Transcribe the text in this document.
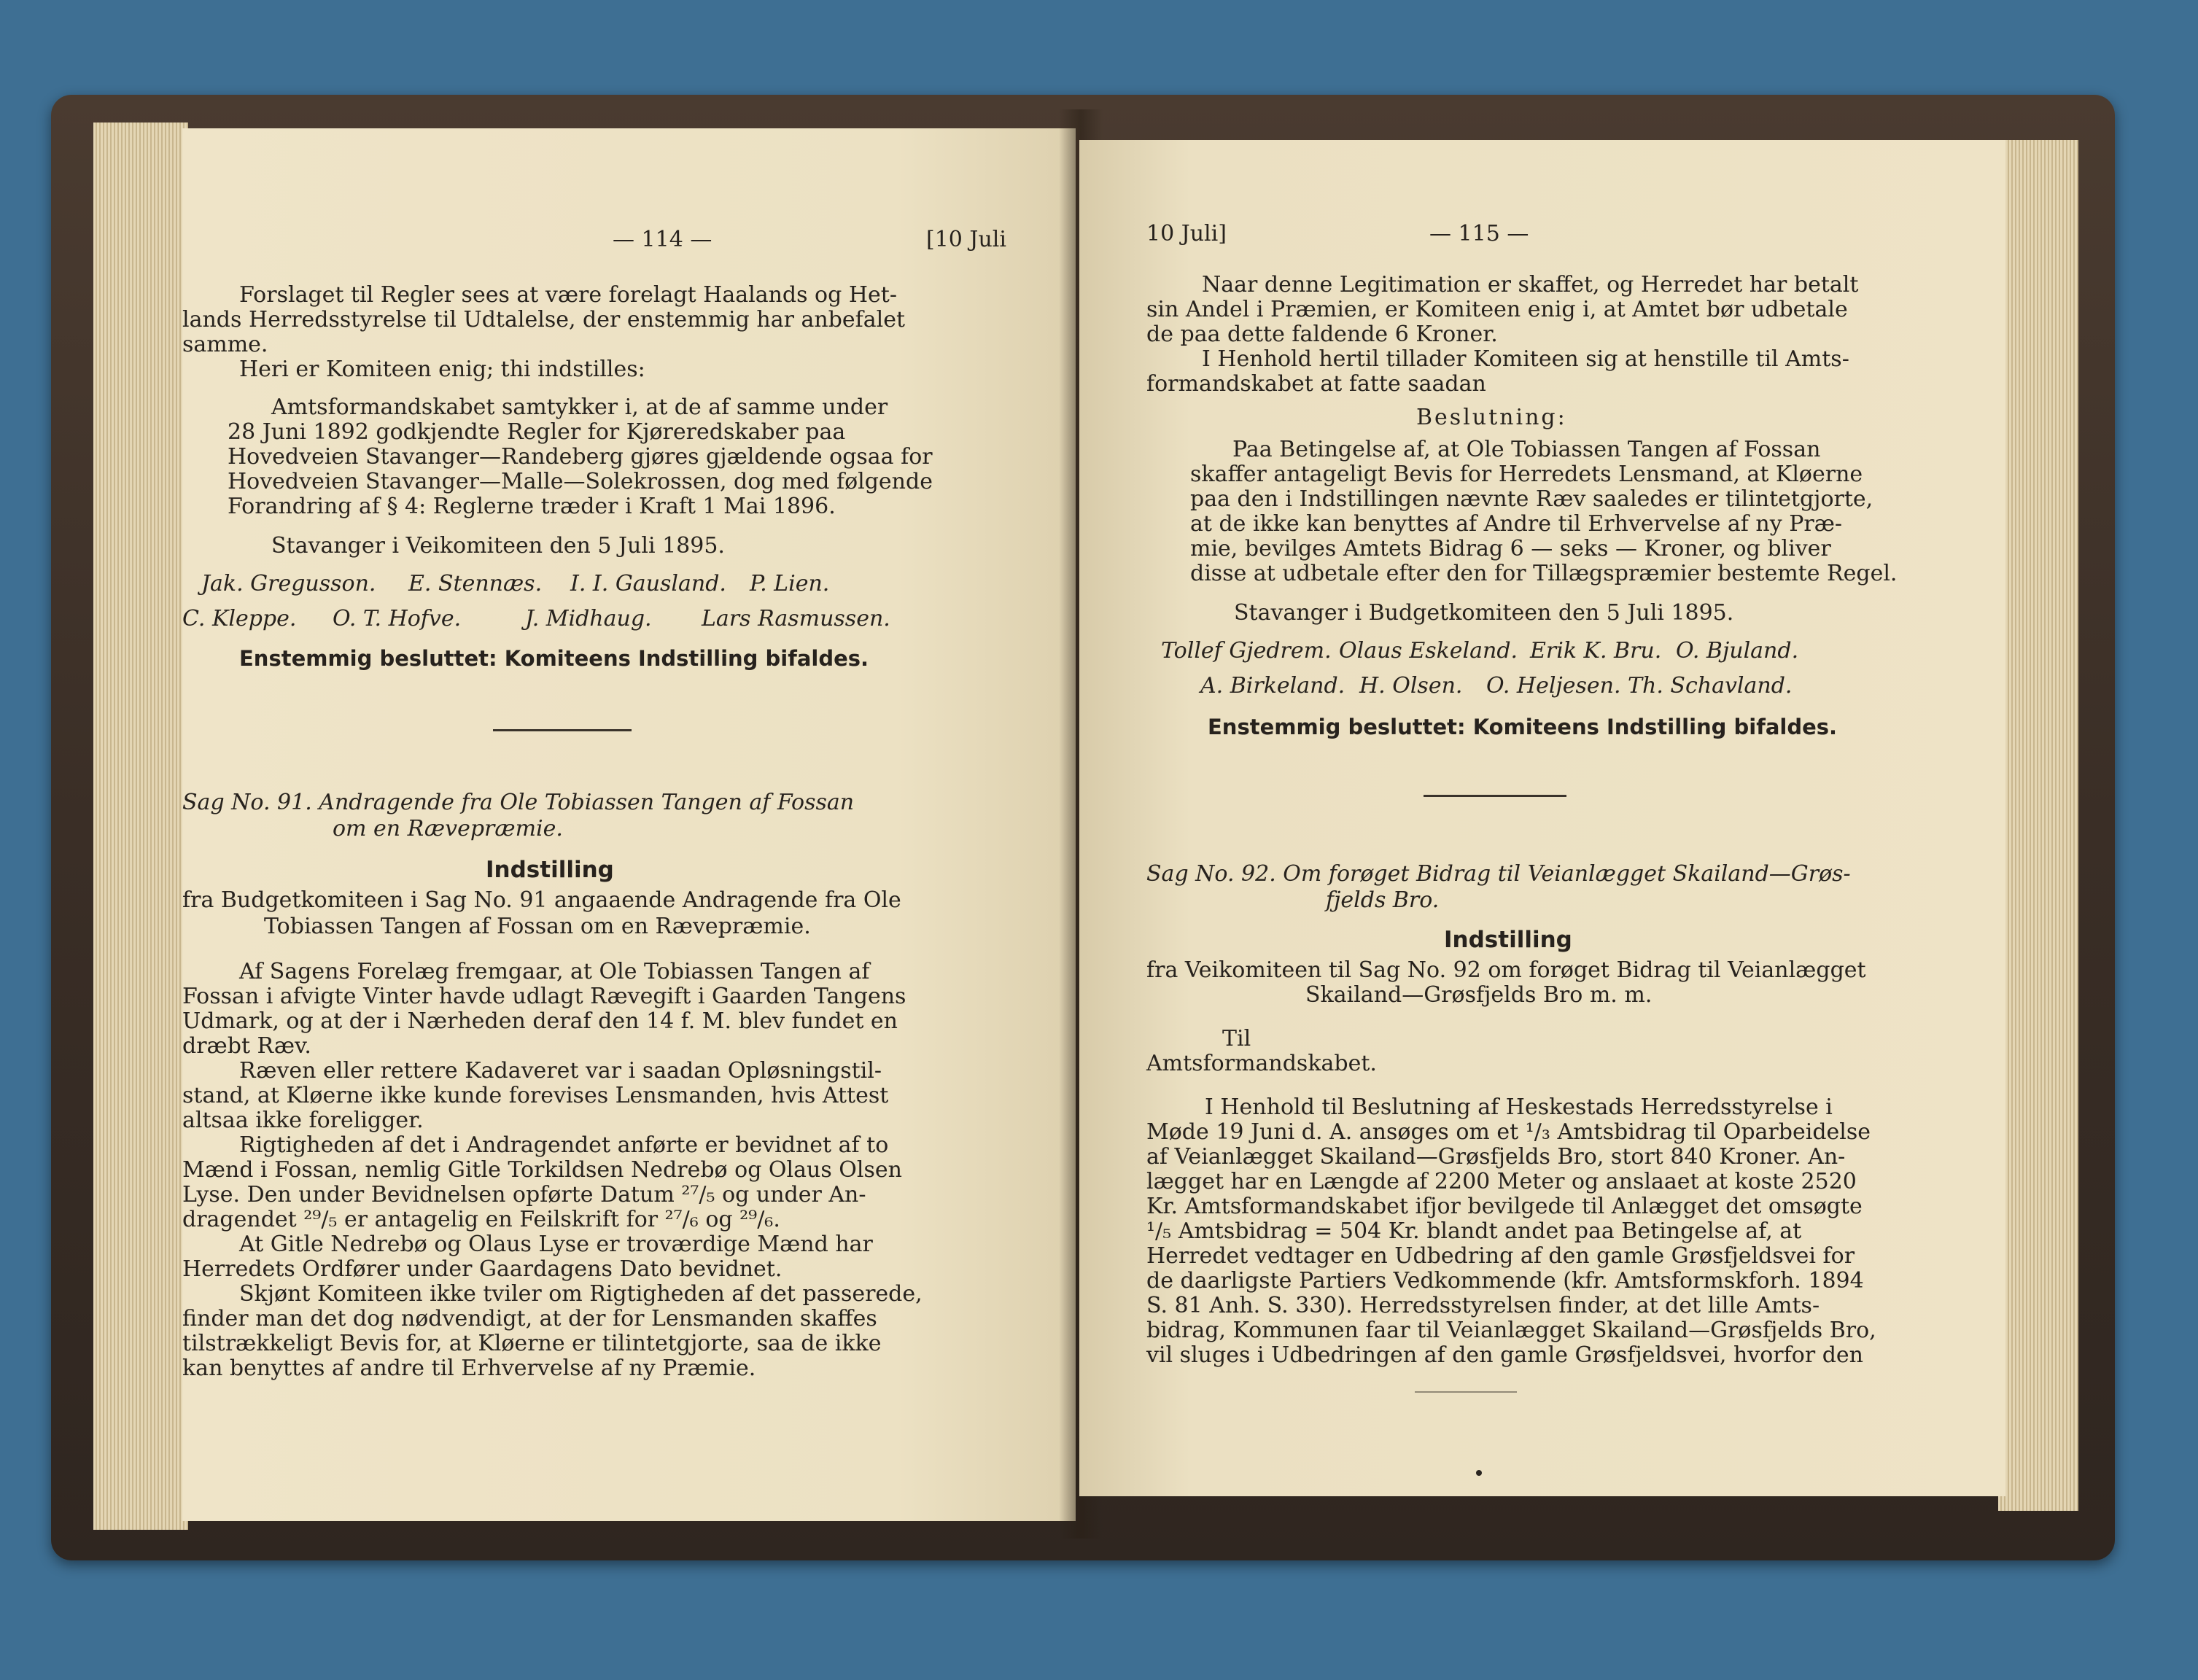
— 114 —	[10 Juli
Forslaget til Regler sees at være forelagt Haalands og Het-
lands Herredsstyrelse til Udtalelse, der enstemmig har anbefalet
samme.
Heri er Komiteen enig; thi indstilles:
Amtsformandskabet samtykker i, at de af samme under
28 Juni 1892 godkjendte Regler for Kjøreredskaber paa
Hovedveien Stavanger—Randeberg gjøres gjældende ogsaa for
Hovedveien Stavanger—Malle—Solekrossen, dog med følgende
Forandring af § 4: Reglerne træder i Kraft 1 Mai 1896.
Stavanger i Veikomiteen den 5 Juli 1895.
Jak. Gregusson. E. Stennæs. I. I. Gausland. P. Lien.
C. Kleppe. O. T. Hofve.	J. Midhaug. Lars Rasmussen.
Enstemmig besluttet: Komiteens Indstilling bifaldes.
Sag No. 91. Andragende fra Ole Tobiassen Tangen af Fossan
om en Rævepræmie.
Indstilling
fra Budgetkomiteen i Sag No. 91 angaaende Andragende fra Ole
Tobiassen Tangen af Fossan om en Rævepræmie.
Af Sagens Forelæg fremgaar, at Ole Tobiassen Tangen af
Fossan i afvigte Vinter havde udlagt Rævegift i Gaarden Tangens
Udmark, og at der i Nærheden deraf den 14 f. M. blev fundet en
dræbt Ræv.
Ræven eller rettere Kadaveret var i saadan Opløsningstil-
stand, at Kløerne ikke kunde forevises Lensmanden, hvis Attest
altsaa ikke foreligger.
Rigtigheden af det i Andragendet anførte er bevidnet af to
Mænd i Fossan, nemlig Gitle Torkildsen Nedrebø og Olaus Olsen
Lyse. Den under Bevidnelsen opførte Datum ²⁷/₅ og under An-
dragendet ²⁹/₅ er antagelig en Feilskrift for ²⁷/₆ og ²⁹/₆.
At Gitle Nedrebø og Olaus Lyse er troværdige Mænd har
Herredets Ordfører under Gaardagens Dato bevidnet.
Skjønt Komiteen ikke tviler om Rigtigheden af det passerede,
finder man det dog nødvendigt, at der for Lensmanden skaffes
tilstrækkeligt Bevis for, at Kløerne er tilintetgjorte, saa de ikke
kan benyttes af andre til Erhvervelse af ny Præmie.
10 Juli]	— 115 —
Naar denne Legitimation er skaffet, og Herredet har betalt
sin Andel i Præmien, er Komiteen enig i, at Amtet bør udbetale
de paa dette faldende 6 Kroner.
I Henhold hertil tillader Komiteen sig at henstille til Amts-
formandskabet at fatte saadan
Beslutning:
Paa Betingelse af, at Ole Tobiassen Tangen af Fossan
skaffer antageligt Bevis for Herredets Lensmand, at Kløerne
paa den i Indstillingen nævnte Ræv saaledes er tilintetgjorte,
at de ikke kan benyttes af Andre til Erhvervelse af ny Præ-
mie, bevilges Amtets Bidrag 6 — seks — Kroner, og bliver
disse at udbetale efter den for Tillægspræmier bestemte Regel.
Stavanger i Budgetkomiteen den 5 Juli 1895.
Tollef Gjedrem. Olaus Eskeland. Erik K. Bru. O. Bjuland.
A. Birkeland. H. Olsen. O. Heljesen. Th. Schavland.
Enstemmig besluttet: Komiteens Indstilling bifaldes.
Sag No. 92. Om forøget Bidrag til Veianlægget Skailand—Grøs-
fjelds Bro.
Indstilling
fra Veikomiteen til Sag No. 92 om forøget Bidrag til Veianlægget
Skailand—Grøsfjelds Bro m. m.
Til
Amtsformandskabet.
I Henhold til Beslutning af Heskestads Herredsstyrelse i
Møde 19 Juni d. A. ansøges om et ¹/₃ Amtsbidrag til Oparbeidelse
af Veianlægget Skailand—Grøsfjelds Bro, stort 840 Kroner. An-
lægget har en Længde af 2200 Meter og anslaaet at koste 2520
Kr. Amtsformandskabet ifjor bevilgede til Anlægget det omsøgte
¹/₅ Amtsbidrag = 504 Kr. blandt andet paa Betingelse af, at
Herredet vedtager en Udbedring af den gamle Grøsfjeldsvei for
de daarligste Partiers Vedkommende (kfr. Amtsformskforh. 1894
S. 81 Anh. S. 330). Herredsstyrelsen finder, at det lille Amts-
bidrag, Kommunen faar til Veianlægget Skailand—Grøsfjelds Bro,
vil sluges i Udbedringen af den gamle Grøsfjeldsvei, hvorfor den
